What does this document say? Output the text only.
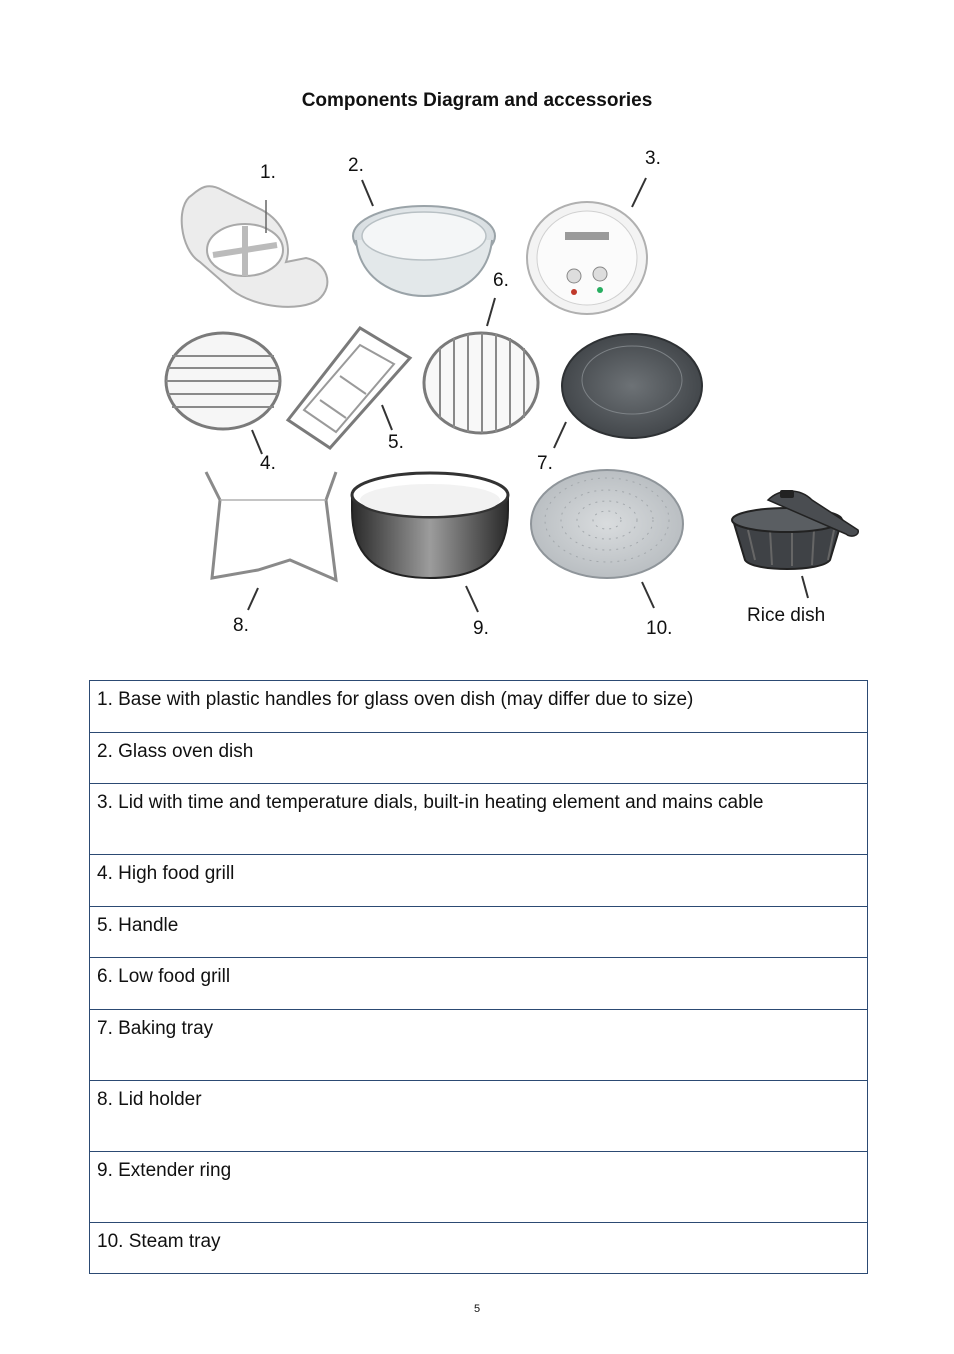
Components Diagram and accessories
1.	2.	3.
4.
5.
6.
7.
8.	9.	10.
Rice dish
1. Base with plastic handles for glass oven dish (may differ due to size)
2. Glass oven dish
3. Lid with time and temperature dials, built-in heating element and mains cable
4. High food grill
5. Handle
6. Low food grill
7. Baking tray
8. Lid holder
9. Extender ring
10. Steam tray
5
